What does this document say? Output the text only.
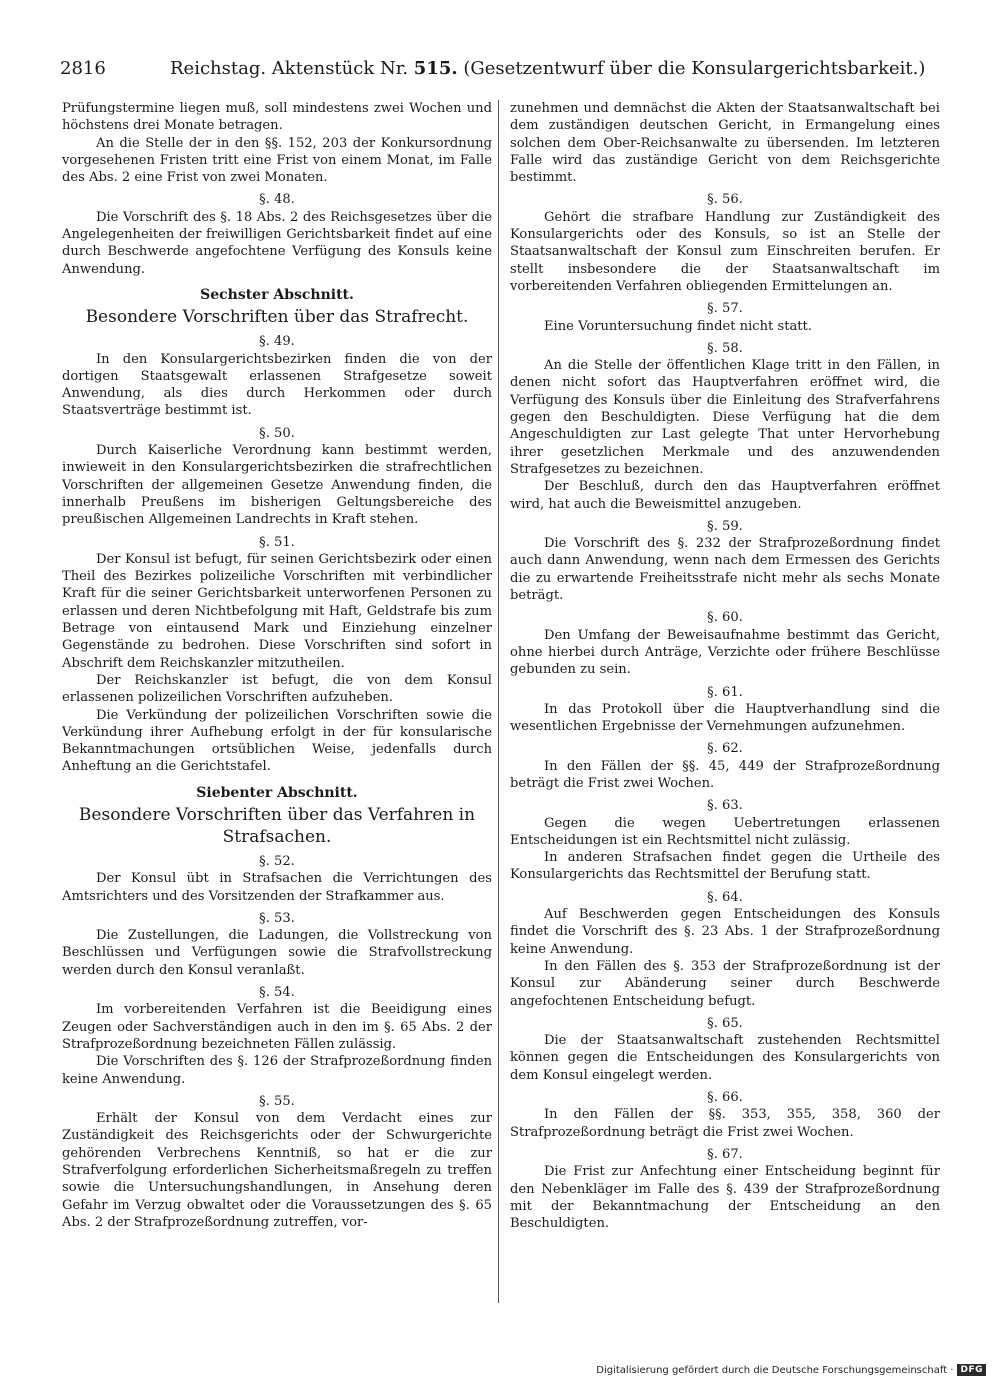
2816	Reichstag. Aktenstück Nr. 515. (Gesetzentwurf über die Konsulargerichtsbarkeit.)

Prüfungstermine liegen muß, soll mindestens zwei Wochen und höchstens drei Monate betragen.

An die Stelle der in den §§. 152, 203 der Konkursordnung vorgesehenen Fristen tritt eine Frist von einem Monat, im Falle des Abs. 2 eine Frist von zwei Monaten.

§. 48.

Die Vorschrift des §. 18 Abs. 2 des Reichsgesetzes über die Angelegenheiten der freiwilligen Gerichtsbarkeit findet auf eine durch Beschwerde angefochtene Verfügung des Konsuls keine Anwendung.

Sechster Abschnitt.

Besondere Vorschriften über das Strafrecht.

§. 49.

In den Konsulargerichtsbezirken finden die von der dortigen Staatsgewalt erlassenen Strafgesetze soweit Anwendung, als dies durch Herkommen oder durch Staatsverträge bestimmt ist.

§. 50.

Durch Kaiserliche Verordnung kann bestimmt werden, inwieweit in den Konsulargerichtsbezirken die strafrechtlichen Vorschriften der allgemeinen Gesetze Anwendung finden, die innerhalb Preußens im bisherigen Geltungsbereiche des preußischen Allgemeinen Landrechts in Kraft stehen.

§. 51.

Der Konsul ist befugt, für seinen Gerichtsbezirk oder einen Theil des Bezirkes polizeiliche Vorschriften mit verbindlicher Kraft für die seiner Gerichtsbarkeit unterworfenen Personen zu erlassen und deren Nichtbefolgung mit Haft, Geldstrafe bis zum Betrage von eintausend Mark und Einziehung einzelner Gegenstände zu bedrohen. Diese Vorschriften sind sofort in Abschrift dem Reichskanzler mitzutheilen.

Der Reichskanzler ist befugt, die von dem Konsul erlassenen polizeilichen Vorschriften aufzuheben.

Die Verkündung der polizeilichen Vorschriften sowie die Verkündung ihrer Aufhebung erfolgt in der für konsularische Bekanntmachungen ortsüblichen Weise, jedenfalls durch Anheftung an die Gerichtstafel.

Siebenter Abschnitt.

Besondere Vorschriften über das Verfahren in Strafsachen.

§. 52.

Der Konsul übt in Strafsachen die Verrichtungen des Amtsrichters und des Vorsitzenden der Strafkammer aus.

§. 53.

Die Zustellungen, die Ladungen, die Vollstreckung von Beschlüssen und Verfügungen sowie die Strafvollstreckung werden durch den Konsul veranlaßt.

§. 54.

Im vorbereitenden Verfahren ist die Beeidigung eines Zeugen oder Sachverständigen auch in den im §. 65 Abs. 2 der Strafprozeßordnung bezeichneten Fällen zulässig.

Die Vorschriften des §. 126 der Strafprozeßordnung finden keine Anwendung.

§. 55.

Erhält der Konsul von dem Verdacht eines zur Zuständigkeit des Reichsgerichts oder der Schwurgerichte gehörenden Verbrechens Kenntniß, so hat er die zur Strafverfolgung erforderlichen Sicherheitsmaßregeln zu treffen sowie die Untersuchungshandlungen, in Ansehung deren Gefahr im Verzug obwaltet oder die Voraussetzungen des §. 65 Abs. 2 der Strafprozeßordnung zutreffen, vor-

zunehmen und demnächst die Akten der Staatsanwaltschaft bei dem zuständigen deutschen Gericht, in Ermangelung eines solchen dem Ober-Reichsanwalte zu übersenden. Im letzteren Falle wird das zuständige Gericht von dem Reichsgerichte bestimmt.

§. 56.

Gehört die strafbare Handlung zur Zuständigkeit des Konsulargerichts oder des Konsuls, so ist an Stelle der Staatsanwaltschaft der Konsul zum Einschreiten berufen. Er stellt insbesondere die der Staatsanwaltschaft im vorbereitenden Verfahren obliegenden Ermittelungen an.

§. 57.

Eine Voruntersuchung findet nicht statt.

§. 58.

An die Stelle der öffentlichen Klage tritt in den Fällen, in denen nicht sofort das Hauptverfahren eröffnet wird, die Verfügung des Konsuls über die Einleitung des Strafverfahrens gegen den Beschuldigten. Diese Verfügung hat die dem Angeschuldigten zur Last gelegte That unter Hervorhebung ihrer gesetzlichen Merkmale und des anzuwendenden Strafgesetzes zu bezeichnen.

Der Beschluß, durch den das Hauptverfahren eröffnet wird, hat auch die Beweismittel anzugeben.

§. 59.

Die Vorschrift des §. 232 der Strafprozeßordnung findet auch dann Anwendung, wenn nach dem Ermessen des Gerichts die zu erwartende Freiheitsstrafe nicht mehr als sechs Monate beträgt.

§. 60.

Den Umfang der Beweisaufnahme bestimmt das Gericht, ohne hierbei durch Anträge, Verzichte oder frühere Beschlüsse gebunden zu sein.

§. 61.

In das Protokoll über die Hauptverhandlung sind die wesentlichen Ergebnisse der Vernehmungen aufzunehmen.

§. 62.

In den Fällen der §§. 45, 449 der Strafprozeßordnung beträgt die Frist zwei Wochen.

§. 63.

Gegen die wegen Uebertretungen erlassenen Entscheidungen ist ein Rechtsmittel nicht zulässig.

In anderen Strafsachen findet gegen die Urtheile des Konsulargerichts das Rechtsmittel der Berufung statt.

§. 64.

Auf Beschwerden gegen Entscheidungen des Konsuls findet die Vorschrift des §. 23 Abs. 1 der Strafprozeßordnung keine Anwendung.

In den Fällen des §. 353 der Strafprozeßordnung ist der Konsul zur Abänderung seiner durch Beschwerde angefochtenen Entscheidung befugt.

§. 65.

Die der Staatsanwaltschaft zustehenden Rechtsmittel können gegen die Entscheidungen des Konsulargerichts von dem Konsul eingelegt werden.

§. 66.

In den Fällen der §§. 353, 355, 358, 360 der Strafprozeßordnung beträgt die Frist zwei Wochen.

§. 67.

Die Frist zur Anfechtung einer Entscheidung beginnt für den Nebenkläger im Falle des §. 439 der Strafprozeßordnung mit der Bekanntmachung der Entscheidung an den Beschuldigten.

Digitalisierung gefördert durch die Deutsche Forschungsgemeinschaft · DFG
